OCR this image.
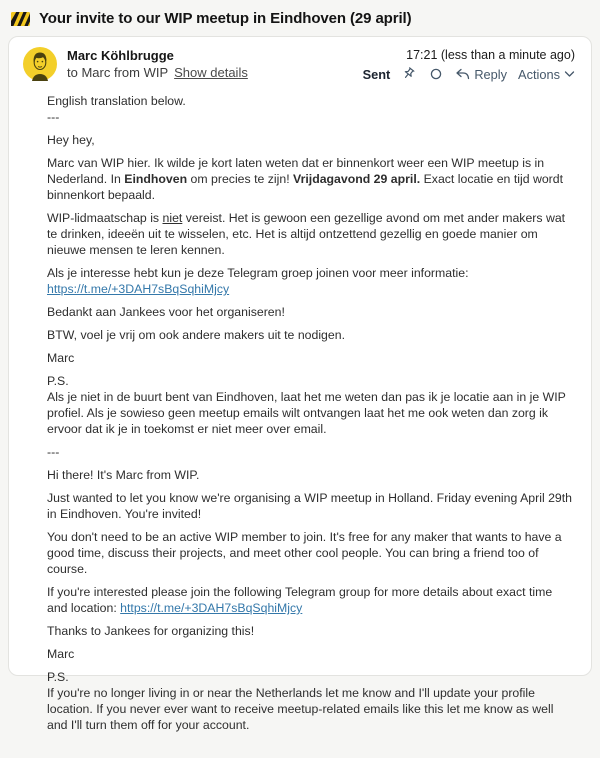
Your invite to our WIP meetup in Eindhoven (29 april)
Marc Köhlbrugge
to Marc from WIP Show details
17:21 (less than a minute ago)
Sent	Reply Actions
English translation below.
---
Hey hey,
Marc van WIP hier. Ik wilde je kort laten weten dat er binnenkort weer een WIP meetup is in Nederland. In Eindhoven om precies te zijn! Vrijdagavond 29 april. Exact locatie en tijd wordt binnenkort bepaald.
WIP-lidmaatschap is niet vereist. Het is gewoon een gezellige avond om met ander makers wat te drinken, ideeën uit te wisselen, etc. Het is altijd ontzettend gezellig en goede manier om nieuwe mensen te leren kennen.
Als je interesse hebt kun je deze Telegram groep joinen voor meer informatie: https://t.me/+3DAH7sBqSqhiMjcy
Bedankt aan Jankees voor het organiseren!
BTW, voel je vrij om ook andere makers uit te nodigen.
Marc
P.S.
Als je niet in de buurt bent van Eindhoven, laat het me weten dan pas ik je locatie aan in je WIP profiel. Als je sowieso geen meetup emails wilt ontvangen laat het me ook weten dan zorg ik ervoor dat ik je in toekomst er niet meer over email.
---
Hi there! It's Marc from WIP.
Just wanted to let you know we're organising a WIP meetup in Holland. Friday evening April 29th in Eindhoven. You're invited!
You don't need to be an active WIP member to join. It's free for any maker that wants to have a good time, discuss their projects, and meet other cool people. You can bring a friend too of course.
If you're interested please join the following Telegram group for more details about exact time and location: https://t.me/+3DAH7sBqSqhiMjcy
Thanks to Jankees for organizing this!
Marc
P.S.
If you're no longer living in or near the Netherlands let me know and I'll update your profile location. If you never ever want to receive meetup-related emails like this let me know as well and I'll turn them off for your account.
